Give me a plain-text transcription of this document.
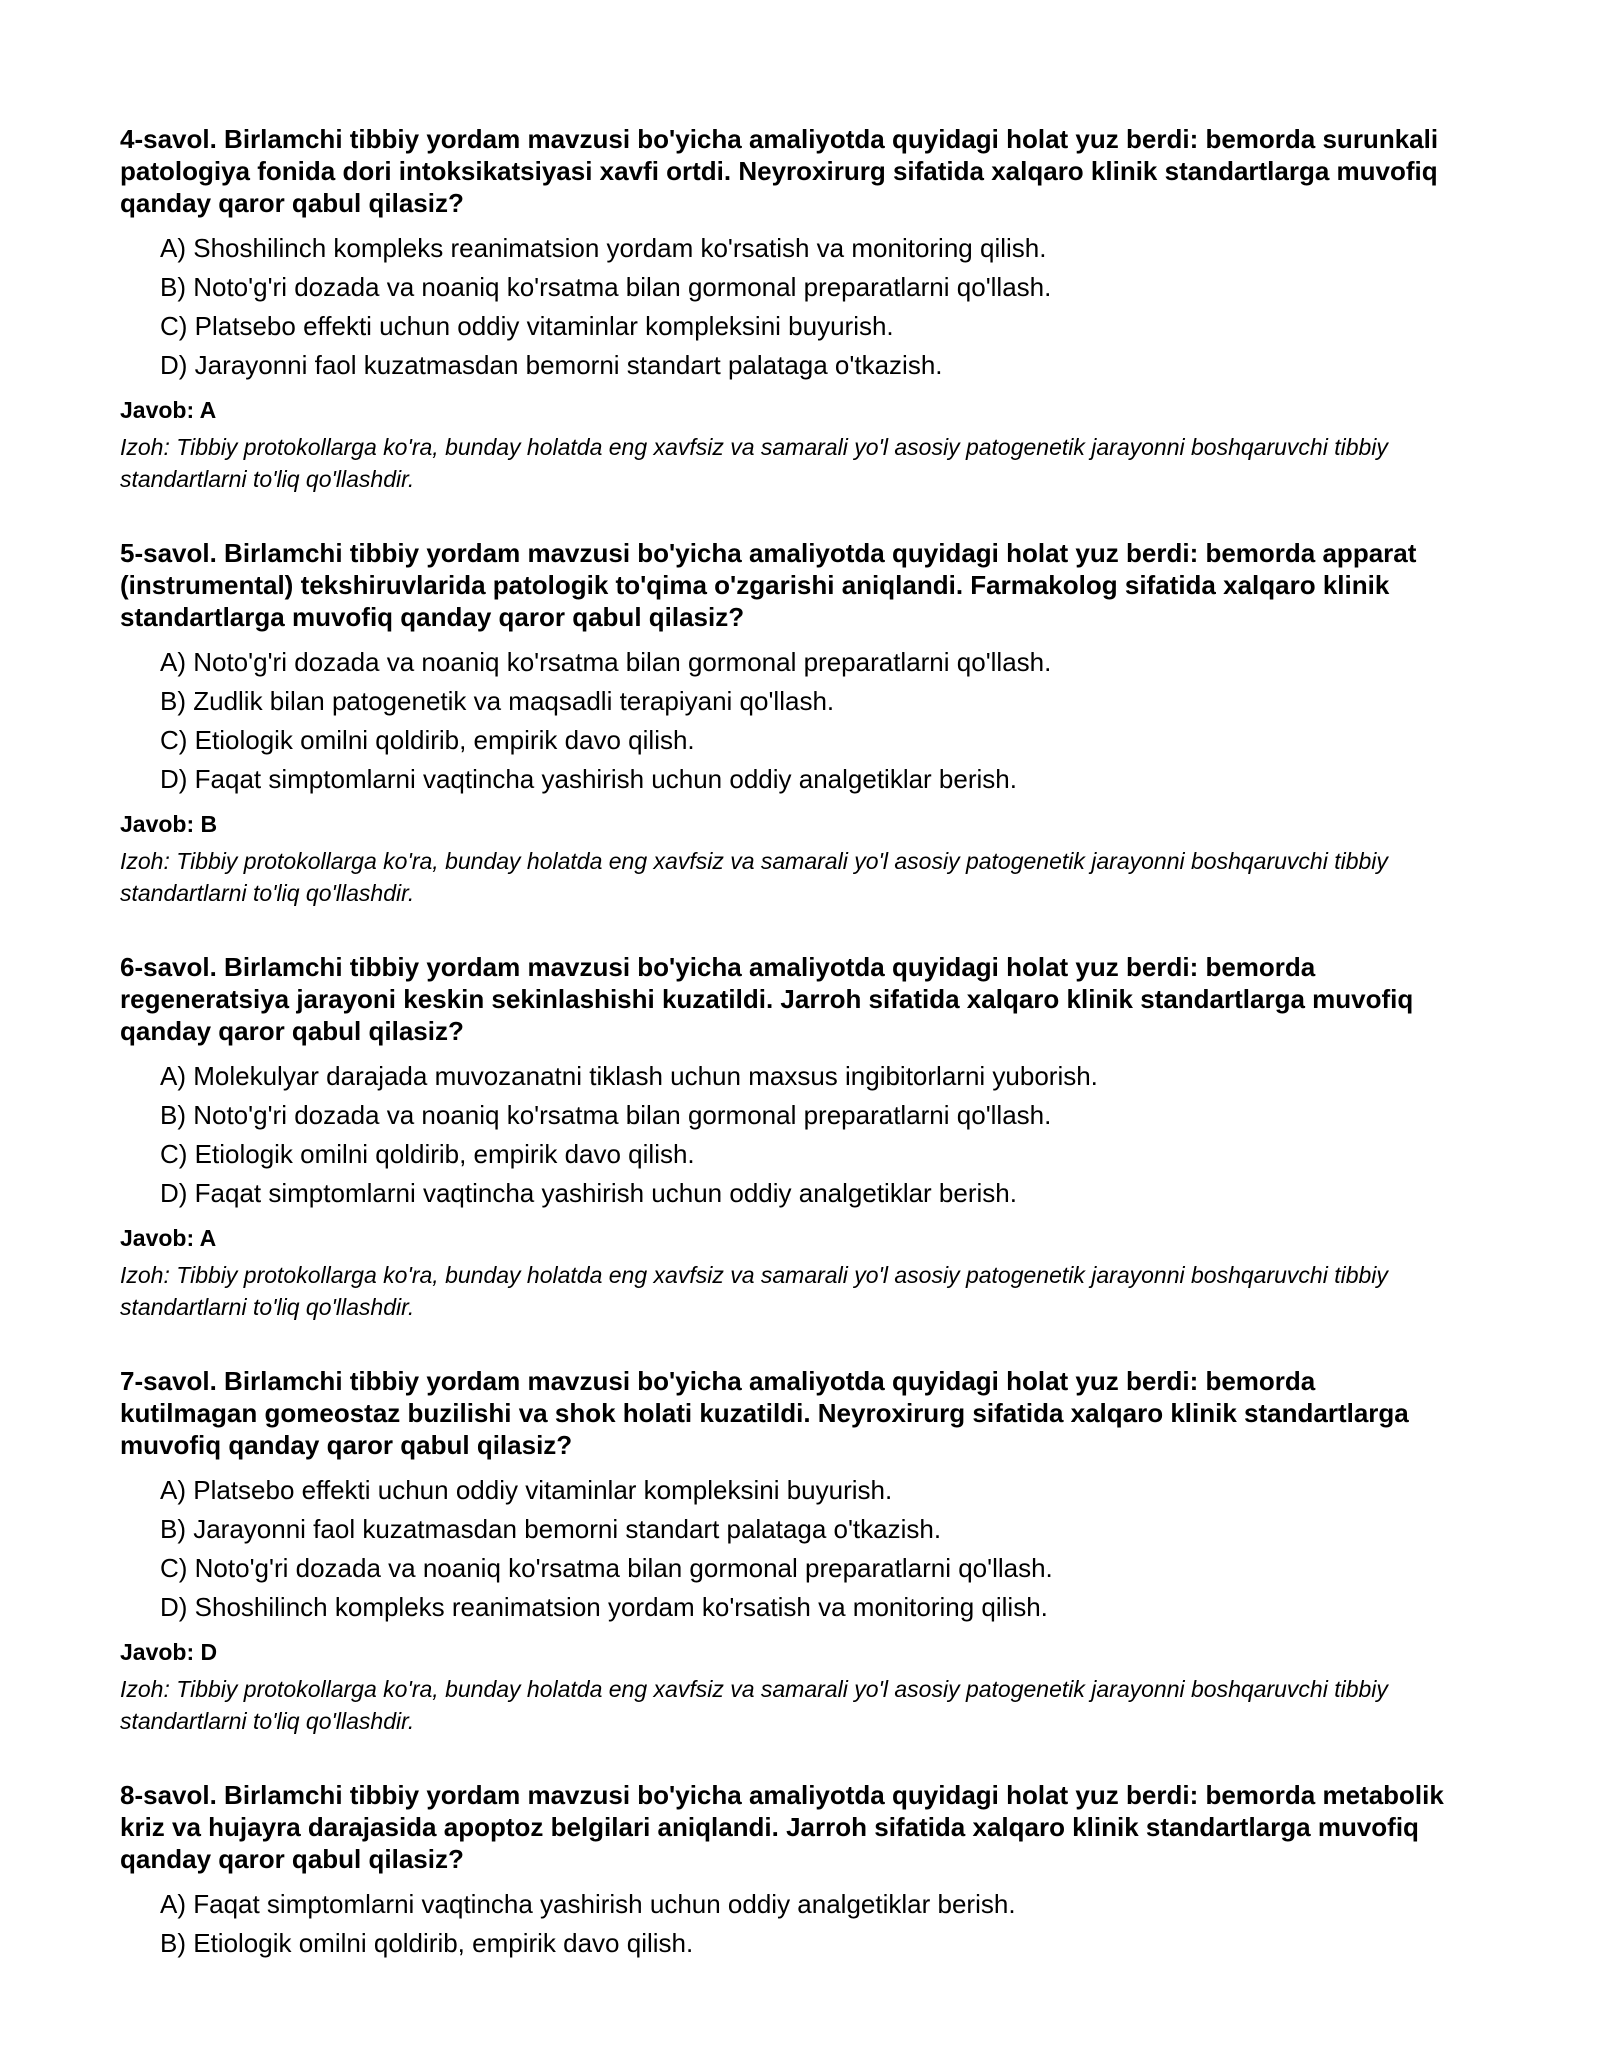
4-savol. Birlamchi tibbiy yordam mavzusi bo'yicha amaliyotda quyidagi holat yuz berdi: bemorda surunkali patologiya fonida dori intoksikatsiyasi xavfi ortdi. Neyroxirurg sifatida xalqaro klinik standartlarga muvofiq qanday qaror qabul qilasiz?

A) Shoshilinch kompleks reanimatsion yordam ko'rsatish va monitoring qilish.
B) Noto'g'ri dozada va noaniq ko'rsatma bilan gormonal preparatlarni qo'llash.
C) Platsebo effekti uchun oddiy vitaminlar kompleksini buyurish.
D) Jarayonni faol kuzatmasdan bemorni standart palataga o'tkazish.

Javob: A

Izoh: Tibbiy protokollarga ko'ra, bunday holatda eng xavfsiz va samarali yo'l asosiy patogenetik jarayonni boshqaruvchi tibbiy standartlarni to'liq qo'llashdir.

5-savol. Birlamchi tibbiy yordam mavzusi bo'yicha amaliyotda quyidagi holat yuz berdi: bemorda apparat (instrumental) tekshiruvlarida patologik to'qima o'zgarishi aniqlandi. Farmakolog sifatida xalqaro klinik standartlarga muvofiq qanday qaror qabul qilasiz?

A) Noto'g'ri dozada va noaniq ko'rsatma bilan gormonal preparatlarni qo'llash.
B) Zudlik bilan patogenetik va maqsadli terapiyani qo'llash.
C) Etiologik omilni qoldirib, empirik davo qilish.
D) Faqat simptomlarni vaqtincha yashirish uchun oddiy analgetiklar berish.

Javob: B

Izoh: Tibbiy protokollarga ko'ra, bunday holatda eng xavfsiz va samarali yo'l asosiy patogenetik jarayonni boshqaruvchi tibbiy standartlarni to'liq qo'llashdir.

6-savol. Birlamchi tibbiy yordam mavzusi bo'yicha amaliyotda quyidagi holat yuz berdi: bemorda regeneratsiya jarayoni keskin sekinlashishi kuzatildi. Jarroh sifatida xalqaro klinik standartlarga muvofiq qanday qaror qabul qilasiz?

A) Molekulyar darajada muvozanatni tiklash uchun maxsus ingibitorlarni yuborish.
B) Noto'g'ri dozada va noaniq ko'rsatma bilan gormonal preparatlarni qo'llash.
C) Etiologik omilni qoldirib, empirik davo qilish.
D) Faqat simptomlarni vaqtincha yashirish uchun oddiy analgetiklar berish.

Javob: A

Izoh: Tibbiy protokollarga ko'ra, bunday holatda eng xavfsiz va samarali yo'l asosiy patogenetik jarayonni boshqaruvchi tibbiy standartlarni to'liq qo'llashdir.

7-savol. Birlamchi tibbiy yordam mavzusi bo'yicha amaliyotda quyidagi holat yuz berdi: bemorda kutilmagan gomeostaz buzilishi va shok holati kuzatildi. Neyroxirurg sifatida xalqaro klinik standartlarga muvofiq qanday qaror qabul qilasiz?

A) Platsebo effekti uchun oddiy vitaminlar kompleksini buyurish.
B) Jarayonni faol kuzatmasdan bemorni standart palataga o'tkazish.
C) Noto'g'ri dozada va noaniq ko'rsatma bilan gormonal preparatlarni qo'llash.
D) Shoshilinch kompleks reanimatsion yordam ko'rsatish va monitoring qilish.

Javob: D

Izoh: Tibbiy protokollarga ko'ra, bunday holatda eng xavfsiz va samarali yo'l asosiy patogenetik jarayonni boshqaruvchi tibbiy standartlarni to'liq qo'llashdir.

8-savol. Birlamchi tibbiy yordam mavzusi bo'yicha amaliyotda quyidagi holat yuz berdi: bemorda metabolik kriz va hujayra darajasida apoptoz belgilari aniqlandi. Jarroh sifatida xalqaro klinik standartlarga muvofiq qanday qaror qabul qilasiz?

A) Faqat simptomlarni vaqtincha yashirish uchun oddiy analgetiklar berish.
B) Etiologik omilni qoldirib, empirik davo qilish.
